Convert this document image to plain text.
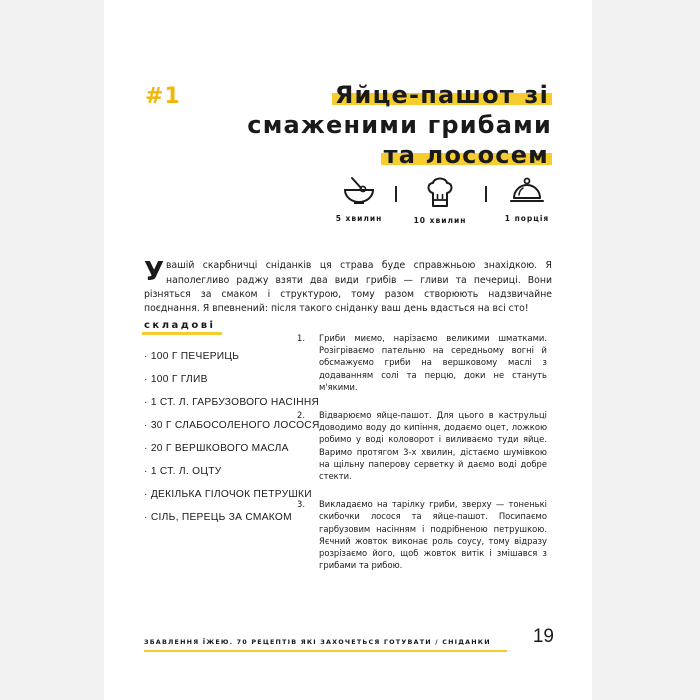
#1	Яйце-пашот зі
смаженими грибами
та лососем
5 хвилин	10 хвилин	1 порція

Увашій скарбничці сніданків ця страва буде справжньою знахідкою. Я наполегливо раджу взяти два види грибів — гливи та печериці. Вони різняться за смаком і структурою, тому разом створюють надзвичайне поєднання. Я впевнений: після такого сніданку ваш день вдасться на всі сто!

складові
· 100 Г ПЕЧЕРИЦЬ
· 100 Г ГЛИВ
· 1 СТ. Л. ГАРБУЗОВОГО НАСІННЯ
· 30 Г СЛАБОСОЛЕНОГО ЛОСОСЯ
· 20 Г ВЕРШКОВОГО МАСЛА
· 1 СТ. Л. ОЦТУ
· ДЕКІЛЬКА ГІЛОЧОК ПЕТРУШКИ
· СІЛЬ, ПЕРЕЦЬ ЗА СМАКОМ
1. Гриби миємо, нарізаємо великими шматками. Розігріваємо пательню на середньому вогні й обсмажуємо гриби на вершковому маслі з додаванням солі та перцю, доки не стануть м'якими.
2. Відварюємо яйце-пашот. Для цього в каструльці доводимо воду до кипіння, додаємо оцет, ложкою робимо у воді коловорот і виливаємо туди яйце. Варимо протягом 3-х хвилин, дістаємо шумівкою на щільну паперову серветку й даємо воді добре стекти.
3. Викладаємо на тарілку гриби, зверху — тоненькі скибочки лосося та яйце-пашот. Посипаємо гарбузовим насінням і подрібненою петрушкою. Яєчний жовток виконає роль соусу, тому відразу розрізаємо його, щоб жовток витік і змішався з грибами та рибою.
ЗБАВЛЕННЯ ЇЖЕЮ. 70 РЕЦЕПТІВ ЯКІ ЗАХОЧЕТЬСЯ ГОТУВАТИ / СНІДАНКИ 19
